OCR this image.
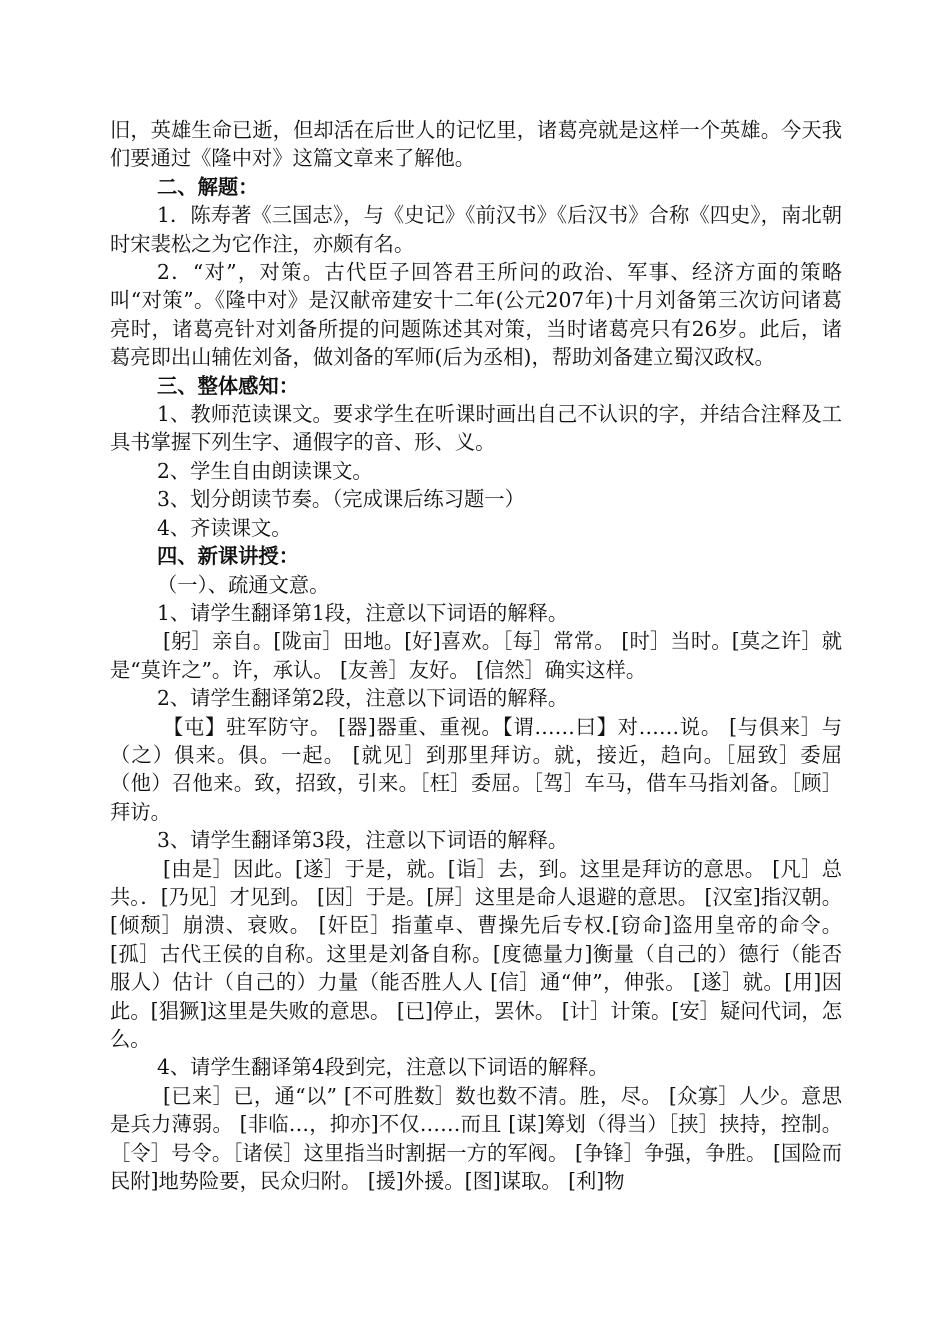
旧，英雄生命已逝，但却活在后世人的记忆里，诸葛亮就是这样一个英雄。今天我们要通过《隆中对》这篇文章来了解他。

二、解题：

1．陈寿著《三国志》，与《史记》《前汉书》《后汉书》合称《四史》，南北朝时宋裴松之为它作注，亦颇有名。

2．“对”，对策。古代臣子回答君王所问的政治、军事、经济方面的策略叫“对策”。《隆中对》是汉献帝建安十二年(公元207年)十月刘备第三次访问诸葛亮时，诸葛亮针对刘备所提的问题陈述其对策，当时诸葛亮只有26岁。此后，诸葛亮即出山辅佐刘备，做刘备的军师(后为丞相)，帮助刘备建立蜀汉政权。

三、整体感知：

1、教师范读课文。要求学生在听课时画出自己不认识的字，并结合注释及工具书掌握下列生字、通假字的音、形、义。

2、学生自由朗读课文。

3、划分朗读节奏。（完成课后练习题一）

4、齐读课文。

四、新课讲授：

（一）、疏通文意。

1、请学生翻译第1段，注意以下词语的解释。

[躬］亲自。[陇亩］田地。[好]喜欢。［每］常常。 [时］当时。[莫之许］就是“莫许之”。许，承认。 [友善］友好。 [信然］确实这样。

2、请学生翻译第2段，注意以下词语的解释。

【屯】驻军防守。 [器]器重、重视。【谓……曰】对……说。 [与俱来］与（之）俱来。俱。一起。 [就见］到那里拜访。就，接近，趋向。［屈致］委屈（他）召他来。致，招致，引来。［枉］委屈。［驾］车马，借车马指刘备。［顾］拜访。

3、请学生翻译第3段，注意以下词语的解释。

[由是］因此。[遂］于是，就。[诣］去，到。这里是拜访的意思。 [凡］总共。．[乃见］才见到。 [因］于是。[屏］这里是命人退避的意思。 [汉室]指汉朝。[倾颓］崩溃、衰败。 [奸臣］指董卓、曹操先后专权.[窃命]盗用皇帝的命令。 [孤］古代王侯的自称。这里是刘备自称。[度德量力]衡量（自己的）德行（能否服人）估计（自己的）力量（能否胜人人 [信］通“伸”，伸张。 [遂］就。[用]因此。[猖獗]这里是失败的意思。 [已]停止，罢休。 [计］计策。[安］疑问代词，怎么。

4、请学生翻译第4段到完，注意以下词语的解释。

[已来］已，通“以” [不可胜数］数也数不清。胜，尽。 [众寡］人少。意思是兵力薄弱。 [非临…，抑亦]不仅……而且 [谋]筹划（得当）［挟］挟持，控制。［令］号令。［诸侯］这里指当时割据一方的军阀。 [争锋］争强，争胜。 [国险而民附]地势险要，民众归附。 [援]外援。[图]谋取。 [利]物
